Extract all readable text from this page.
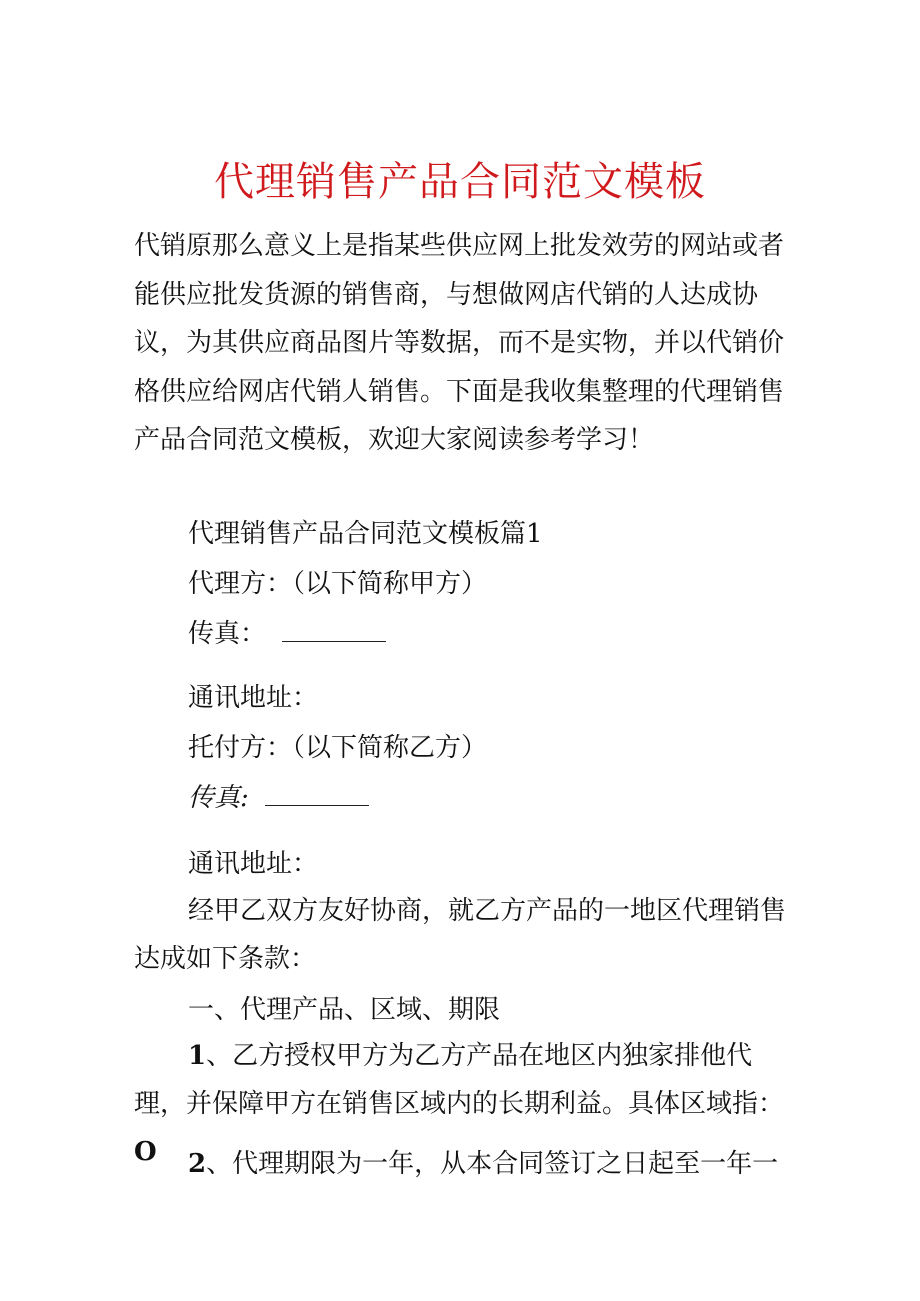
代理销售产品合同范文模板

代销原那么意义上是指某些供应网上批发效劳的网站或者能供应批发货源的销售商，与想做网店代销的人达成协议，为其供应商品图片等数据，而不是实物，并以代销价格供应给网店代销人销售。下面是我收集整理的代理销售产品合同范文模板，欢迎大家阅读参考学习！

代理销售产品合同范文模板篇1

代理方：（以下简称甲方）

传真：

通讯地址：

托付方：（以下简称乙方）

传真:

通讯地址：

经甲乙双方友好协商，就乙方产品的一地区代理销售达成如下条款：

一、代理产品、区域、期限

1、乙方授权甲方为乙方产品在地区内独家排他代理，并保障甲方在销售区域内的长期利益。具体区域指：O	2、代理期限为一年，从本合同签订之日起至一年一
